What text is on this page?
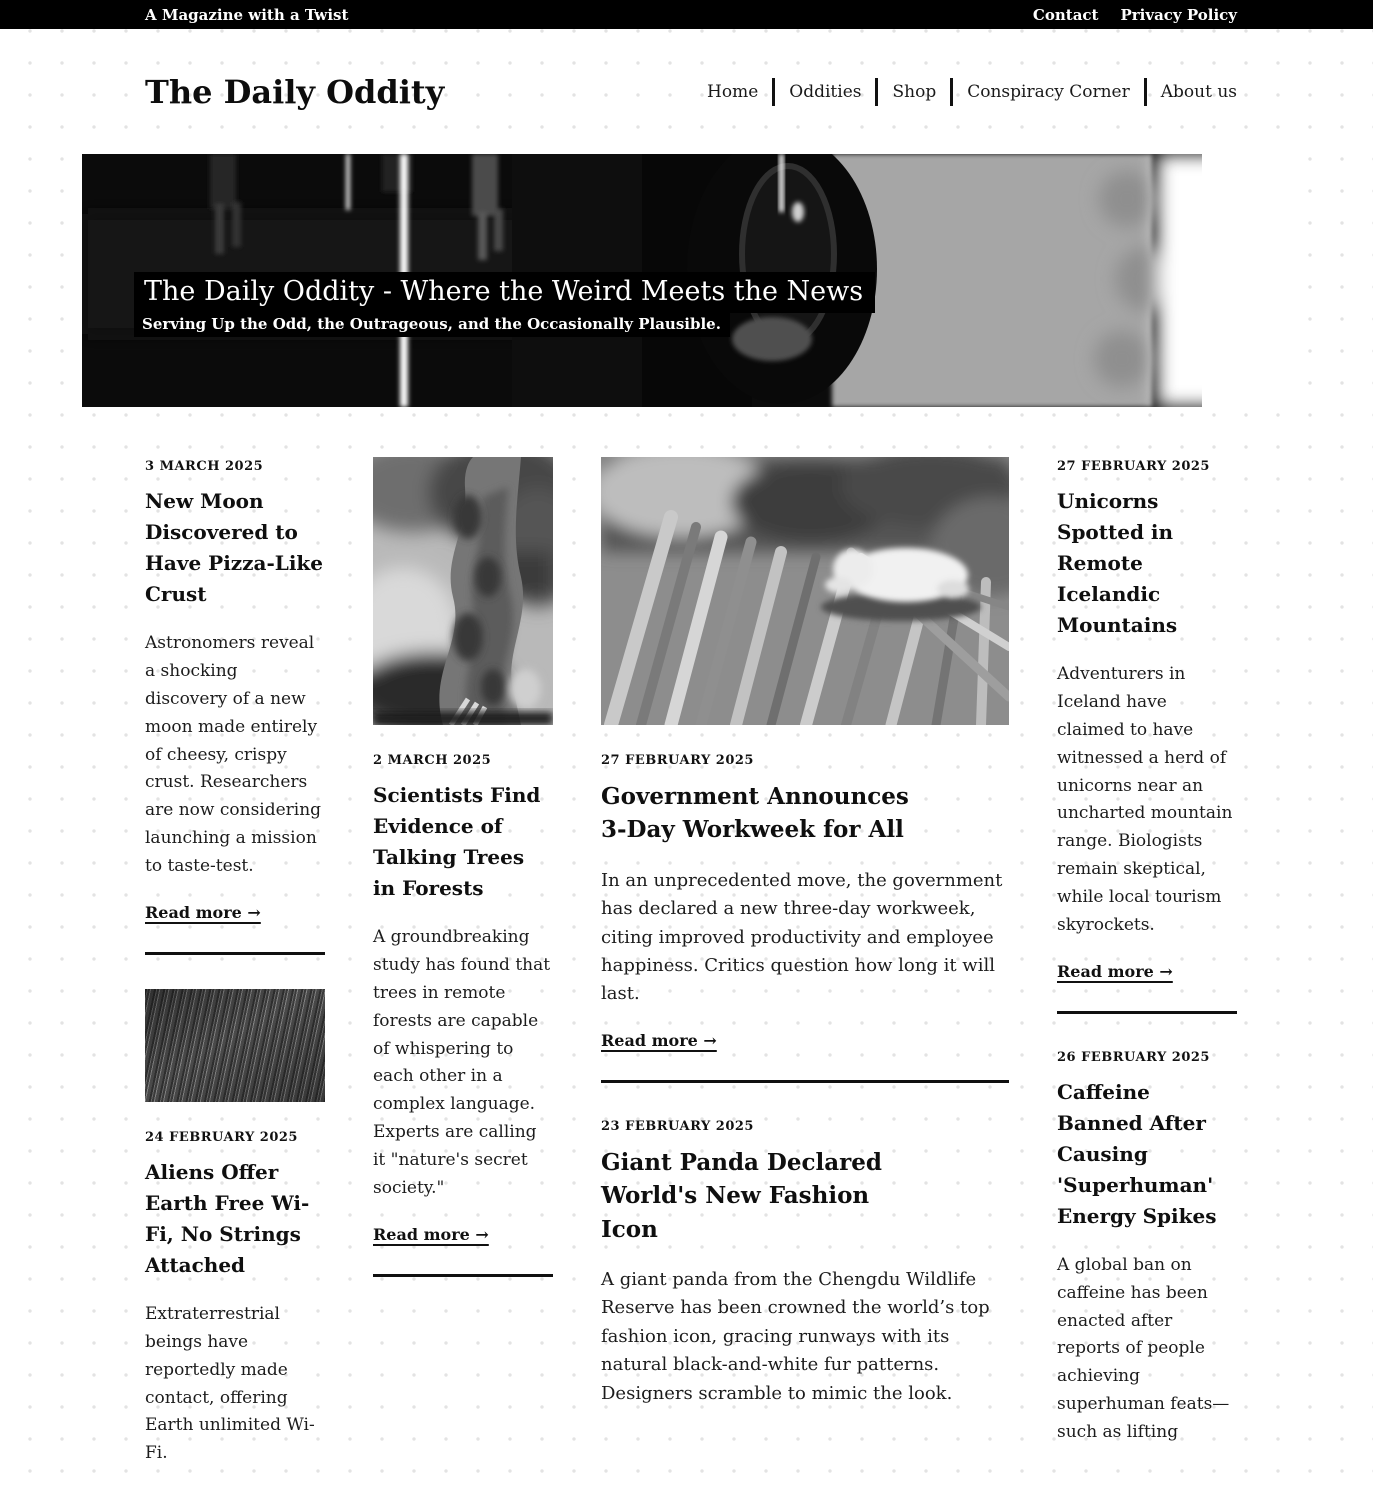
A Magazine with a Twist	Contact Privacy Policy
The Daily Oddity	Home Oddities Shop Conspiracy Corner About us
The Daily Oddity - Where the Weird Meets the News

Serving Up the Odd, the Outrageous, and the Occasionally Plausible.

3 MARCH 2025

New Moon Discovered to Have Pizza-Like Crust

Astronomers reveal a shocking discovery of a new moon made entirely of cheesy, crispy crust. Researchers are now considering launching a mission to taste-test.

Read more →

24 FEBRUARY 2025

Aliens Offer Earth Free Wi-Fi, No Strings Attached

Extraterrestrial beings have reportedly made contact, offering Earth unlimited Wi-Fi.

2 MARCH 2025

Scientists Find Evidence of Talking Trees in Forests

A groundbreaking study has found that trees in remote forests are capable of whispering to each other in a complex language. Experts are calling it "nature's secret society."

Read more →

27 FEBRUARY 2025

Government Announces 3-Day Workweek for All

In an unprecedented move, the government has declared a new three-day workweek, citing improved productivity and employee happiness. Critics question how long it will last.

Read more →

23 FEBRUARY 2025

Giant Panda Declared World's New Fashion Icon

A giant panda from the Chengdu Wildlife Reserve has been crowned the world’s top fashion icon, gracing runways with its natural black-and-white fur patterns. Designers scramble to mimic the look.

27 FEBRUARY 2025

Unicorns Spotted in Remote Icelandic Mountains

Adventurers in Iceland have claimed to have witnessed a herd of unicorns near an uncharted mountain range. Biologists remain skeptical, while local tourism skyrockets.

Read more →

26 FEBRUARY 2025

Caffeine Banned After Causing 'Superhuman' Energy Spikes

A global ban on caffeine has been enacted after reports of people achieving superhuman feats—such as lifting
